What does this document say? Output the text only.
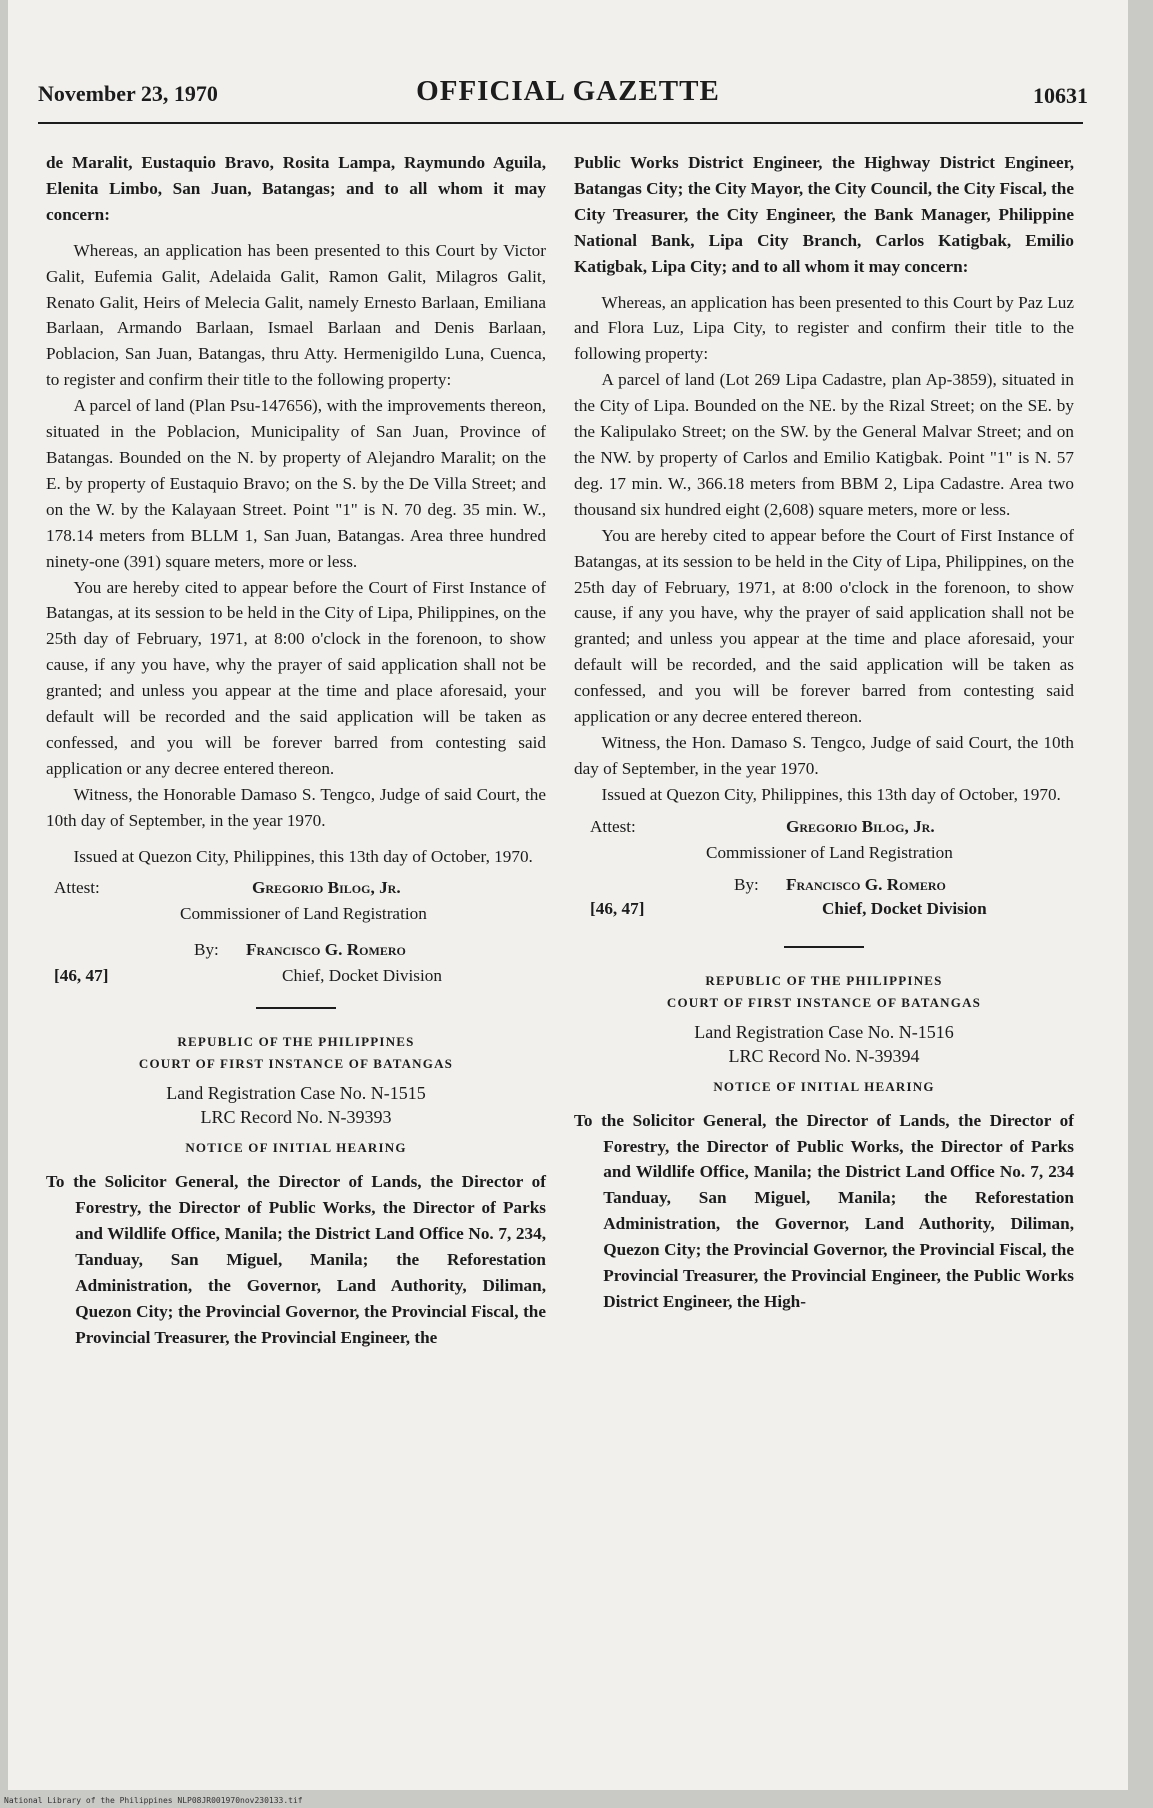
November 23, 1970	OFFICIAL GAZETTE	10631

de Maralit, Eustaquio Bravo, Rosita Lampa, Raymundo Aguila, Elenita Limbo, San Juan, Batangas; and to all whom it may concern:

Whereas, an application has been presented to this Court by Victor Galit, Eufemia Galit, Adelaida Galit, Ramon Galit, Milagros Galit, Renato Galit, Heirs of Melecia Galit, namely Ernesto Barlaan, Emiliana Barlaan, Armando Barlaan, Ismael Barlaan and Denis Barlaan, Poblacion, San Juan, Batangas, thru Atty. Hermenigildo Luna, Cuenca, to register and confirm their title to the following property:

A parcel of land (Plan Psu-147656), with the improvements thereon, situated in the Poblacion, Municipality of San Juan, Province of Batangas. Bounded on the N. by property of Alejandro Maralit; on the E. by property of Eustaquio Bravo; on the S. by the De Villa Street; and on the W. by the Kalayaan Street. Point "1" is N. 70 deg. 35 min. W., 178.14 meters from BLLM 1, San Juan, Batangas. Area three hundred ninety-one (391) square meters, more or less.

You are hereby cited to appear before the Court of First Instance of Batangas, at its session to be held in the City of Lipa, Philippines, on the 25th day of February, 1971, at 8:00 o'clock in the forenoon, to show cause, if any you have, why the prayer of said application shall not be granted; and unless you appear at the time and place aforesaid, your default will be recorded and the said application will be taken as confessed, and you will be forever barred from contesting said application or any decree entered thereon.

Witness, the Honorable Damaso S. Tengco, Judge of said Court, the 10th day of September, in the year 1970.

Issued at Quezon City, Philippines, this 13th day of October, 1970.

Attest:	Gregorio Bilog, Jr.
Commissioner of Land Registration
By: Francisco G. Romero
[46, 47]	Chief, Docket Division
REPUBLIC OF THE PHILIPPINES
COURT OF FIRST INSTANCE OF BATANGAS
Land Registration Case No. N-1515
LRC Record No. N-39393
NOTICE OF INITIAL HEARING

To the Solicitor General, the Director of Lands, the Director of Forestry, the Director of Public Works, the Director of Parks and Wildlife Office, Manila; the District Land Office No. 7, 234, Tanduay, San Miguel, Manila; the Reforestation Administration, the Governor, Land Authority, Diliman, Quezon City; the Provincial Governor, the Provincial Fiscal, the Provincial Treasurer, the Provincial Engineer, the

Public Works District Engineer, the Highway District Engineer, Batangas City; the City Mayor, the City Council, the City Fiscal, the City Treasurer, the City Engineer, the Bank Manager, Philippine National Bank, Lipa City Branch, Carlos Katigbak, Emilio Katigbak, Lipa City; and to all whom it may concern:

Whereas, an application has been presented to this Court by Paz Luz and Flora Luz, Lipa City, to register and confirm their title to the following property:

A parcel of land (Lot 269 Lipa Cadastre, plan Ap-3859), situated in the City of Lipa. Bounded on the NE. by the Rizal Street; on the SE. by the Kalipulako Street; on the SW. by the General Malvar Street; and on the NW. by property of Carlos and Emilio Katigbak. Point "1" is N. 57 deg. 17 min. W., 366.18 meters from BBM 2, Lipa Cadastre. Area two thousand six hundred eight (2,608) square meters, more or less.

You are hereby cited to appear before the Court of First Instance of Batangas, at its session to be held in the City of Lipa, Philippines, on the 25th day of February, 1971, at 8:00 o'clock in the forenoon, to show cause, if any you have, why the prayer of said application shall not be granted; and unless you appear at the time and place aforesaid, your default will be recorded, and the said application will be taken as confessed, and you will be forever barred from contesting said application or any decree entered thereon.

Witness, the Hon. Damaso S. Tengco, Judge of said Court, the 10th day of September, in the year 1970.

Issued at Quezon City, Philippines, this 13th day of October, 1970.

Attest:	Gregorio Bilog, Jr.
Commissioner of Land Registration
By: Francisco G. Romero
[46, 47]	Chief, Docket Division
REPUBLIC OF THE PHILIPPINES
COURT OF FIRST INSTANCE OF BATANGAS
Land Registration Case No. N-1516
LRC Record No. N-39394
NOTICE OF INITIAL HEARING

To the Solicitor General, the Director of Lands, the Director of Forestry, the Director of Public Works, the Director of Parks and Wildlife Office, Manila; the District Land Office No. 7, 234 Tanduay, San Miguel, Manila; the Reforestation Administration, the Governor, Land Authority, Diliman, Quezon City; the Provincial Governor, the Provincial Fiscal, the Provincial Treasurer, the Provincial Engineer, the Public Works District Engineer, the High-

National Library of the Philippines NLP08JR001970nov230133.tif
